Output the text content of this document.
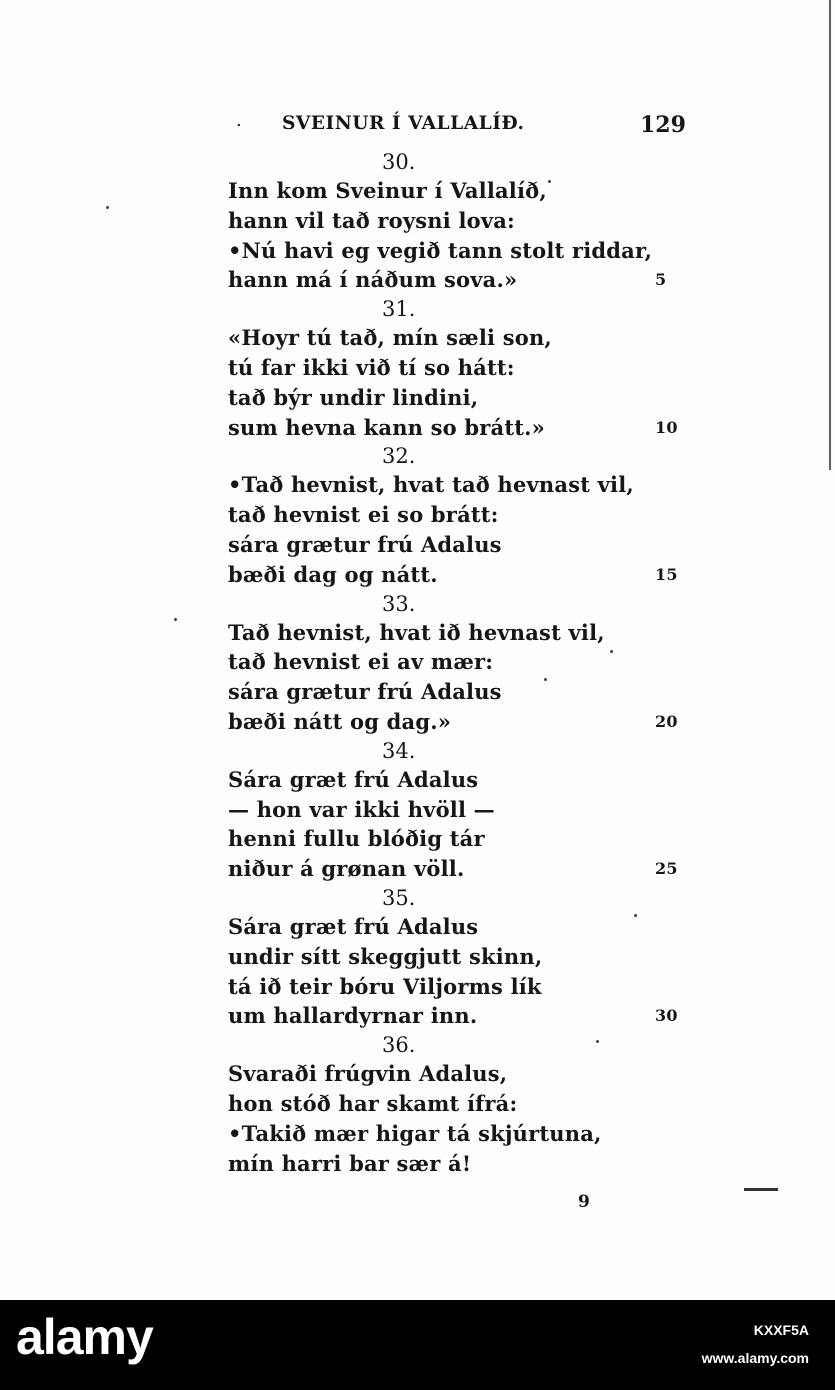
. SVEINUR Í VALLALÍÐ.	129
30.
Inn kom Sveinur í Vallalíð,
hann vil tað roysni lova:
•Nú havi eg vegið tann stolt riddar,
hann má í náðum sova.»	5
31.
«Hoyr tú tað, mín sæli son,
tú far ikki við tí so hátt:
tað býr undir lindini,
sum hevna kann so brátt.»	10
32.
•Tað hevnist, hvat tað hevnast vil,
tað hevnist ei so brátt:
sára grætur frú Adalus
bæði dag og nátt.	15
33.
Tað hevnist, hvat ið hevnast vil,
tað hevnist ei av mær:
sára grætur frú Adalus
bæði nátt og dag.»	20
34.
Sára græt frú Adalus
— hon var ikki hvöll —
henni fullu blóðig tár
niður á grønan völl.	25
35.
Sára græt frú Adalus
undir sítt skeggjutt skinn,
tá ið teir bóru Viljorms lík
um hallardyrnar inn.	30
36.
Svaraði frúgvin Adalus,
hon stóð har skamt ífrá:
•Takið mær higar tá skjúrtuna,
mín harri bar sær á!
9
alamy	KXXF5A
www.alamy.com
